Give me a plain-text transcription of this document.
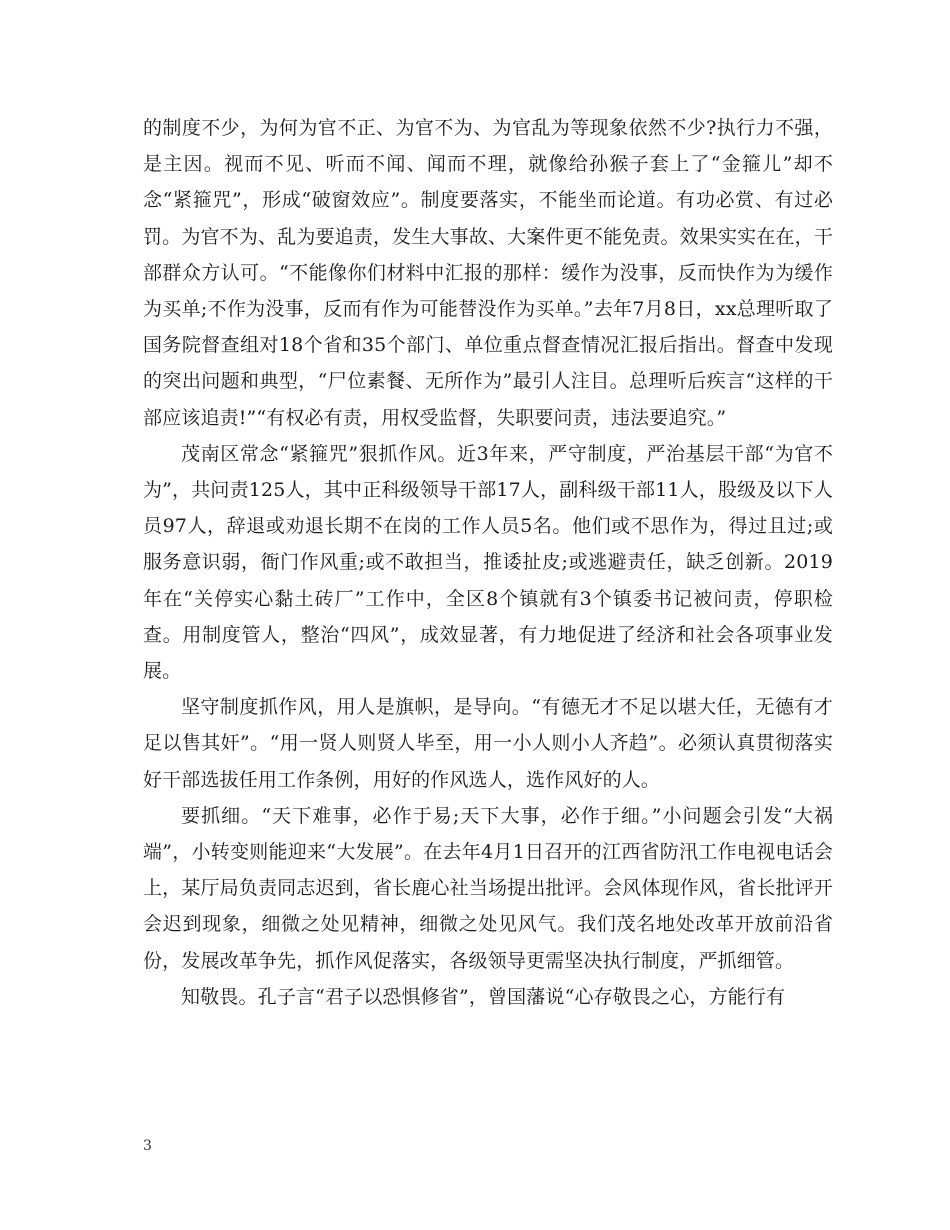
的制度不少，为何为官不正、为官不为、为官乱为等现象依然不少?执行力不强，是主因。视而不见、听而不闻、闻而不理，就像给孙猴子套上了“金箍儿”却不念“紧箍咒”，形成“破窗效应”。制度要落实，不能坐而论道。有功必赏、有过必罚。为官不为、乱为要追责，发生大事故、大案件更不能免责。效果实实在在，干部群众方认可。“不能像你们材料中汇报的那样：缓作为没事，反而快作为为缓作为买单;不作为没事，反而有作为可能替没作为买单。”去年7月8日，xx总理听取了国务院督查组对18个省和35个部门、单位重点督查情况汇报后指出。督查中发现的突出问题和典型，“尸位素餐、无所作为”最引人注目。总理听后疾言“这样的干部应该追责!”“有权必有责，用权受监督，失职要问责，违法要追究。”

茂南区常念“紧箍咒”狠抓作风。近3年来，严守制度，严治基层干部“为官不为”，共问责125人，其中正科级领导干部17人，副科级干部11人，股级及以下人员97人，辞退或劝退长期不在岗的工作人员5名。他们或不思作为，得过且过;或服务意识弱，衙门作风重;或不敢担当，推诿扯皮;或逃避责任，缺乏创新。2019年在“关停实心黏土砖厂”工作中，全区8个镇就有3个镇委书记被问责，停职检查。用制度管人，整治“四风”，成效显著，有力地促进了经济和社会各项事业发展。

坚守制度抓作风，用人是旗帜，是导向。“有德无才不足以堪大任，无德有才足以售其奸”。“用一贤人则贤人毕至，用一小人则小人齐趋”。必须认真贯彻落实好干部选拔任用工作条例，用好的作风选人，选作风好的人。

要抓细。“天下难事，必作于易;天下大事，必作于细。”小问题会引发“大祸端”，小转变则能迎来“大发展”。在去年4月1日召开的江西省防汛工作电视电话会上，某厅局负责同志迟到，省长鹿心社当场提出批评。会风体现作风，省长批评开会迟到现象，细微之处见精神，细微之处见风气。我们茂名地处改革开放前沿省份，发展改革争先，抓作风促落实，各级领导更需坚决执行制度，严抓细管。

知敬畏。孔子言“君子以恐惧修省”，曾国藩说“心存敬畏之心，方能行有

3
